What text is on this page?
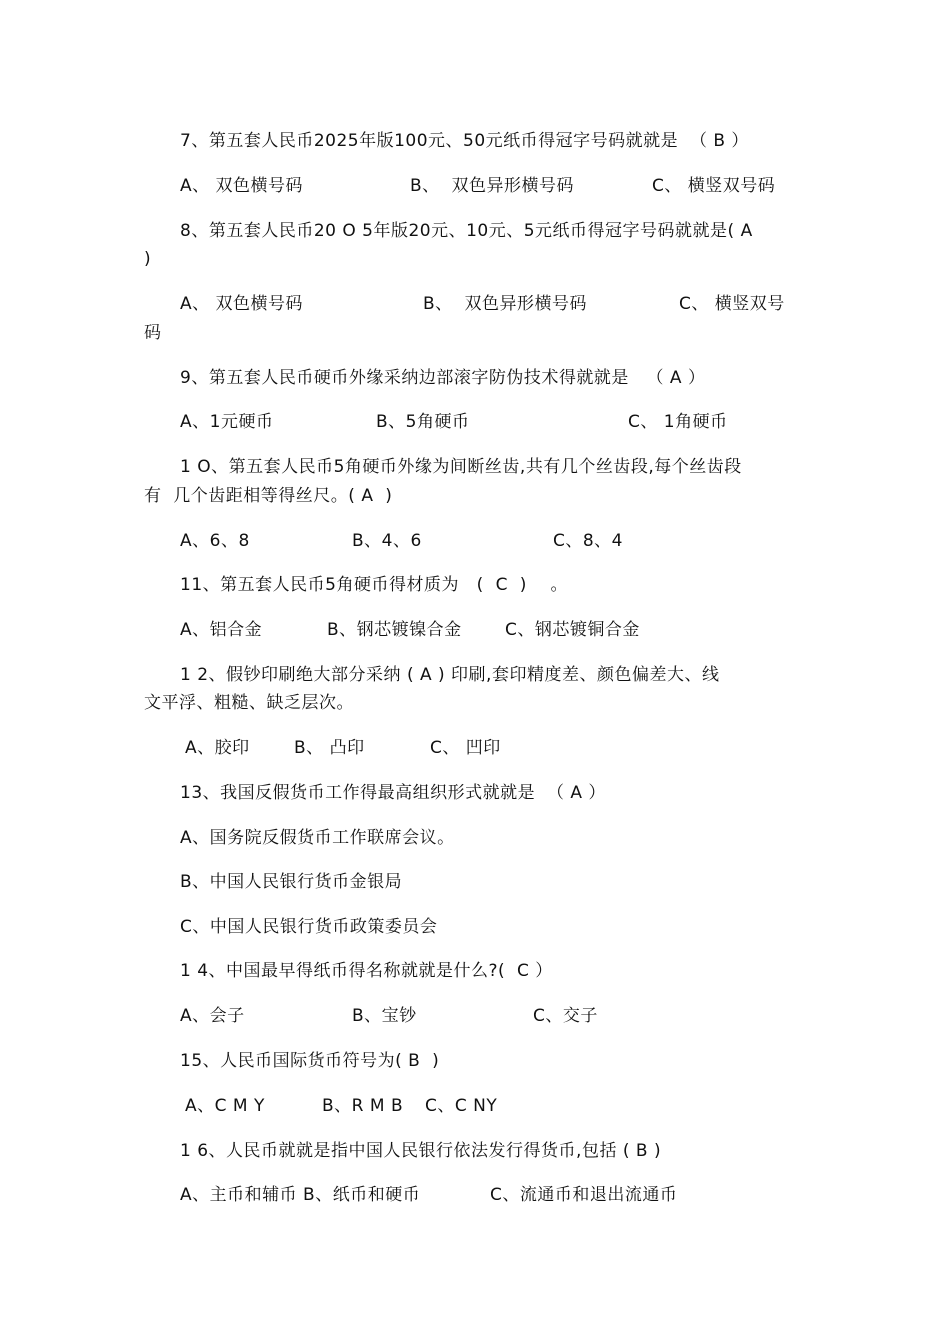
7、第五套人民币2025年版100元、50元纸币得冠字号码就就是  （ B ）
A、 双色横号码	B、  双色异形横号码	C、 横竖双号码
8、第五套人民币20 O 5年版20元、10元、5元纸币得冠字号码就就是( A
)
A、 双色横号码	B、  双色异形横号码	C、 横竖双号
码
9、第五套人民币硬币外缘采纳边部滚字防伪技术得就就是   （ A ）
A、1元硬币	B、5角硬币	C、 1角硬币
1 O、第五套人民币5角硬币外缘为间断丝齿,共有几个丝齿段,每个丝齿段
有  几个齿距相等得丝尺。( A  )
A、6、8	B、4、6	C、8、4
11、第五套人民币5角硬币得材质为   (  C  )    。
A、铝合金	B、钢芯镀镍合金	C、钢芯镀铜合金
1 2、假钞印刷绝大部分采纳 ( A ) 印刷,套印精度差、颜色偏差大、线
文平浮、粗糙、缺乏层次。
A、胶印	B、 凸印	C、 凹印
13、我国反假货币工作得最高组织形式就就是  （ A ）
A、国务院反假货币工作联席会议。
B、中国人民银行货币金银局
C、中国人民银行货币政策委员会
1 4、中国最早得纸币得名称就就是什么?(  C ）
A、会子	B、宝钞	C、交子
15、人民币国际货币符号为( B  )
A、C M Y	B、R M B C、C NY
1 6、人民币就就是指中国人民银行依法发行得货币,包括 ( B )
A、主币和辅币 B、纸币和硬币	C、流通币和退出流通币
